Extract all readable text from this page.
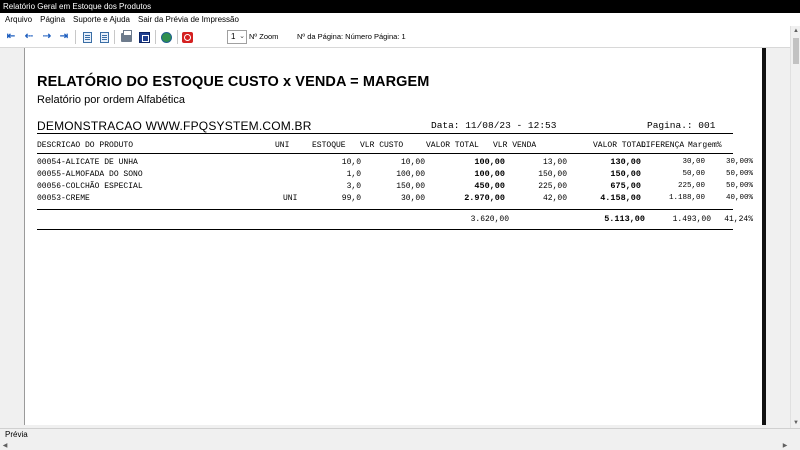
Relatório Geral em Estoque dos Produtos
Arquivo	Página	Suporte e Ajuda	Sair da Prévia de Impressão
⇤ ⇠ ⇢ ⇥	1 ⌄ Nº Zoom Nº da Página: Número Página: 1
RELATÓRIO DO ESTOQUE CUSTO x VENDA = MARGEM
Relatório por ordem Alfabética
DEMONSTRACAO WWW.FPQSYSTEM.COM.BR	Data: 11/08/23 - 12:53	Pagina.: 001
DESCRICAO DO PRODUTO	UNI	ESTOQUE VLR CUSTO	VALOR TOTAL VLR VENDA	VALOR TOTAL
DIFERENÇA Margem%
00054-ALICATE DE UNHA	10,0	10,00	100,00	13,00	130,00	30,00	30,00%
00055-ALMOFADA DO SONO	1,0	100,00	100,00	150,00	150,00	50,00	50,00%
00056-COLCHÃO ESPECIAL	3,0	150,00	450,00	225,00	675,00	225,00	50,00%
00053-CREME	UNI	99,0	30,00	2.970,00	42,00	4.158,00	1.188,00	40,00%
3.620,00	5.113,00	1.493,00	41,24%
▲
▼
Prévia
◀	▶
